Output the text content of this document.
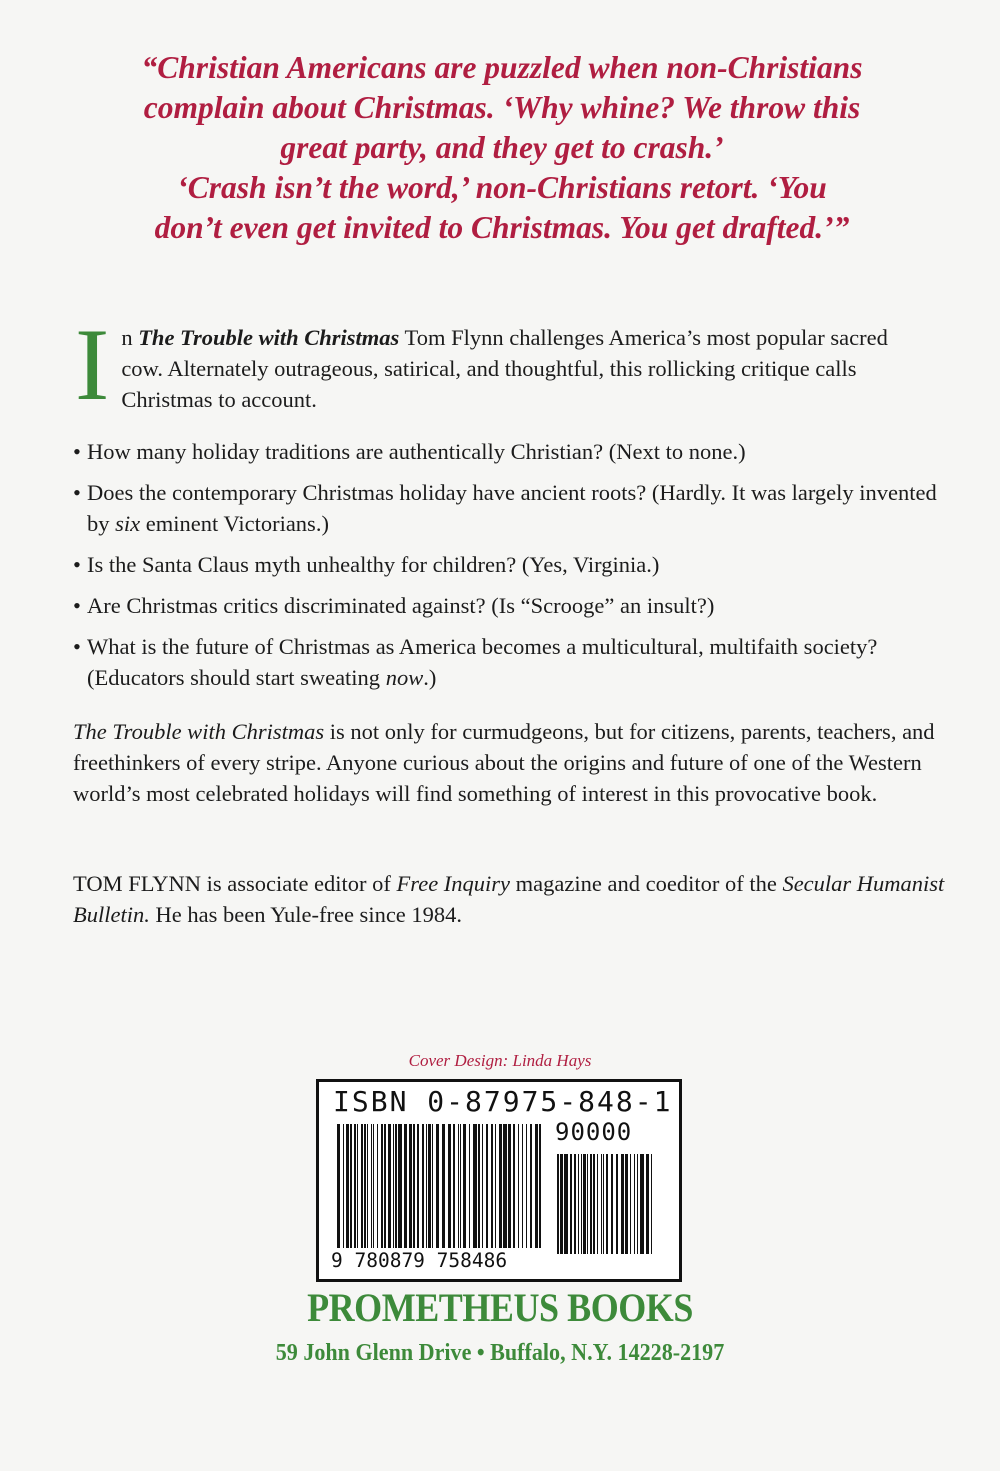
“Christian Americans are puzzled when non-Christians

complain about Christmas. ‘Why whine? We throw this

great party, and they get to crash.’

‘Crash isn’t the word,’ non-Christians retort. ‘You

don’t even get invited to Christmas. You get drafted.’”

I n The Trouble with Christmas Tom Flynn challenges America’s most popular sacred cow. Alternately outrageous, satirical, and thoughtful, this rollicking critique calls Christmas to account.
• How many holiday traditions are authentically Christian? (Next to none.)
• Does the contemporary Christmas holiday have ancient roots? (Hardly. It was largely invented by six eminent Victorians.)
• Is the Santa Claus myth unhealthy for children? (Yes, Virginia.)
• Are Christmas critics discriminated against? (Is “Scrooge” an insult?)
• What is the future of Christmas as America becomes a multicultural, multifaith society? (Educators should start sweating now.)

The Trouble with Christmas is not only for curmudgeons, but for citizens, parents, teachers, and freethinkers of every stripe. Anyone curious about the origins and future of one of the Western world’s most celebrated holidays will find something of interest in this provocative book.

TOM FLYNN is associate editor of Free Inquiry magazine and coeditor of the Secular Humanist Bulletin. He has been Yule-free since 1984.

Cover Design: Linda Hays
ISBN 0-87975-848-1
90000
9 780879 758486
PROMETHEUS BOOKS
59 John Glenn Drive • Buffalo, N.Y. 14228-2197
